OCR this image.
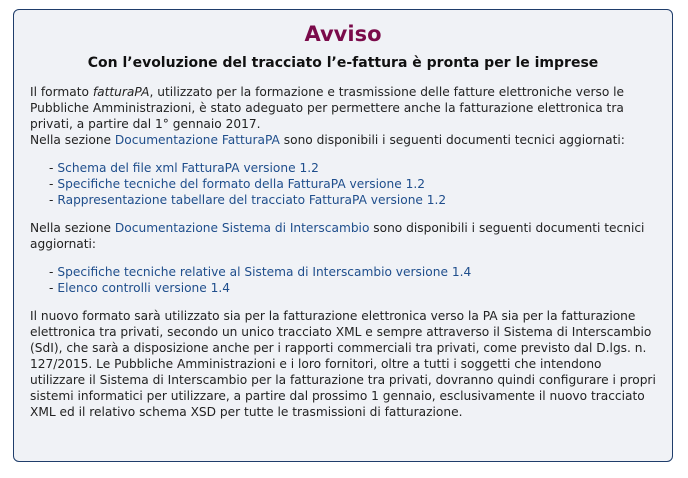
Avviso
Con l’evoluzione del tracciato l’e-fattura è pronta per le imprese
Il formato fatturaPA, utilizzato per la formazione e trasmissione delle fatture elettroniche verso le Pubbliche Amministrazioni, è stato adeguato per permettere anche la fatturazione elettronica tra privati, a partire dal 1° gennaio 2017.
Nella sezione Documentazione FatturaPA sono disponibili i seguenti documenti tecnici aggiornati:
- Schema del file xml FatturaPA versione 1.2
- Specifiche tecniche del formato della FatturaPA versione 1.2
- Rappresentazione tabellare del tracciato FatturaPA versione 1.2
Nella sezione Documentazione Sistema di Interscambio sono disponibili i seguenti documenti tecnici aggiornati:
- Specifiche tecniche relative al Sistema di Interscambio versione 1.4
- Elenco controlli versione 1.4
Il nuovo formato sarà utilizzato sia per la fatturazione elettronica verso la PA sia per la fatturazione elettronica tra privati, secondo un unico tracciato XML e sempre attraverso il Sistema di Interscambio (SdI), che sarà a disposizione anche per i rapporti commerciali tra privati, come previsto dal D.lgs. n. 127/2015. Le Pubbliche Amministrazioni e i loro fornitori, oltre a tutti i soggetti che intendono utilizzare il Sistema di Interscambio per la fatturazione tra privati, dovranno quindi configurare i propri sistemi informatici per utilizzare, a partire dal prossimo 1 gennaio, esclusivamente il nuovo tracciato XML ed il relativo schema XSD per tutte le trasmissioni di fatturazione.
